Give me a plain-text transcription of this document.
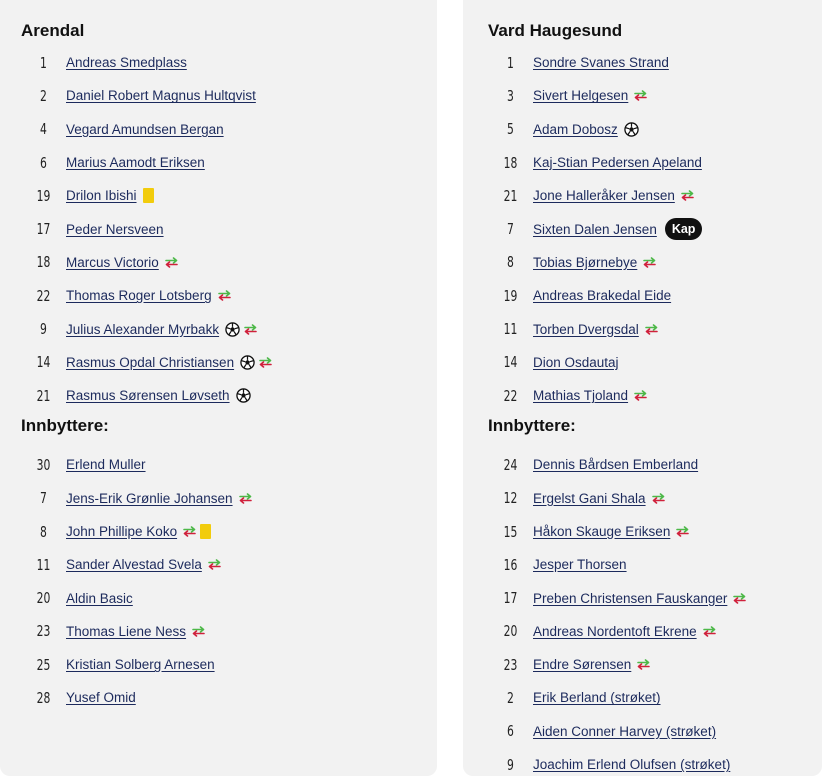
Arendal
1	Andreas Smedplass
2	Daniel Robert Magnus Hultqvist
4	Vegard Amundsen Bergan
6	Marius Aamodt Eriksen
19 Drilon Ibishi
17 Peder Nersveen
18 Marcus Victorio
22 Thomas Roger Lotsberg
9	Julius Alexander Myrbakk
14 Rasmus Opdal Christiansen
21 Rasmus Sørensen Løvseth
Innbyttere:
30 Erlend Muller
7	Jens-Erik Grønlie Johansen
8	John Phillipe Koko
11 Sander Alvestad Svela
20 Aldin Basic
23 Thomas Liene Ness
25 Kristian Solberg Arnesen
28 Yusef Omid
Vard Haugesund
1	Sondre Svanes Strand
3	Sivert Helgesen
5	Adam Dobosz
18 Kaj-Stian Pedersen Apeland
21 Jone Halleråker Jensen
7	Sixten Dalen Jensen	Kap
8	Tobias Bjørnebye
19 Andreas Brakedal Eide
11 Torben Dvergsdal
14 Dion Osdautaj
22 Mathias Tjoland
Innbyttere:
24 Dennis Bårdsen Emberland
12 Ergelst Gani Shala
15 Håkon Skauge Eriksen
16 Jesper Thorsen
17 Preben Christensen Fauskanger
20 Andreas Nordentoft Ekrene
23 Endre Sørensen
2	Erik Berland (strøket)
6	Aiden Conner Harvey (strøket)
9	Joachim Erlend Olufsen (strøket)
